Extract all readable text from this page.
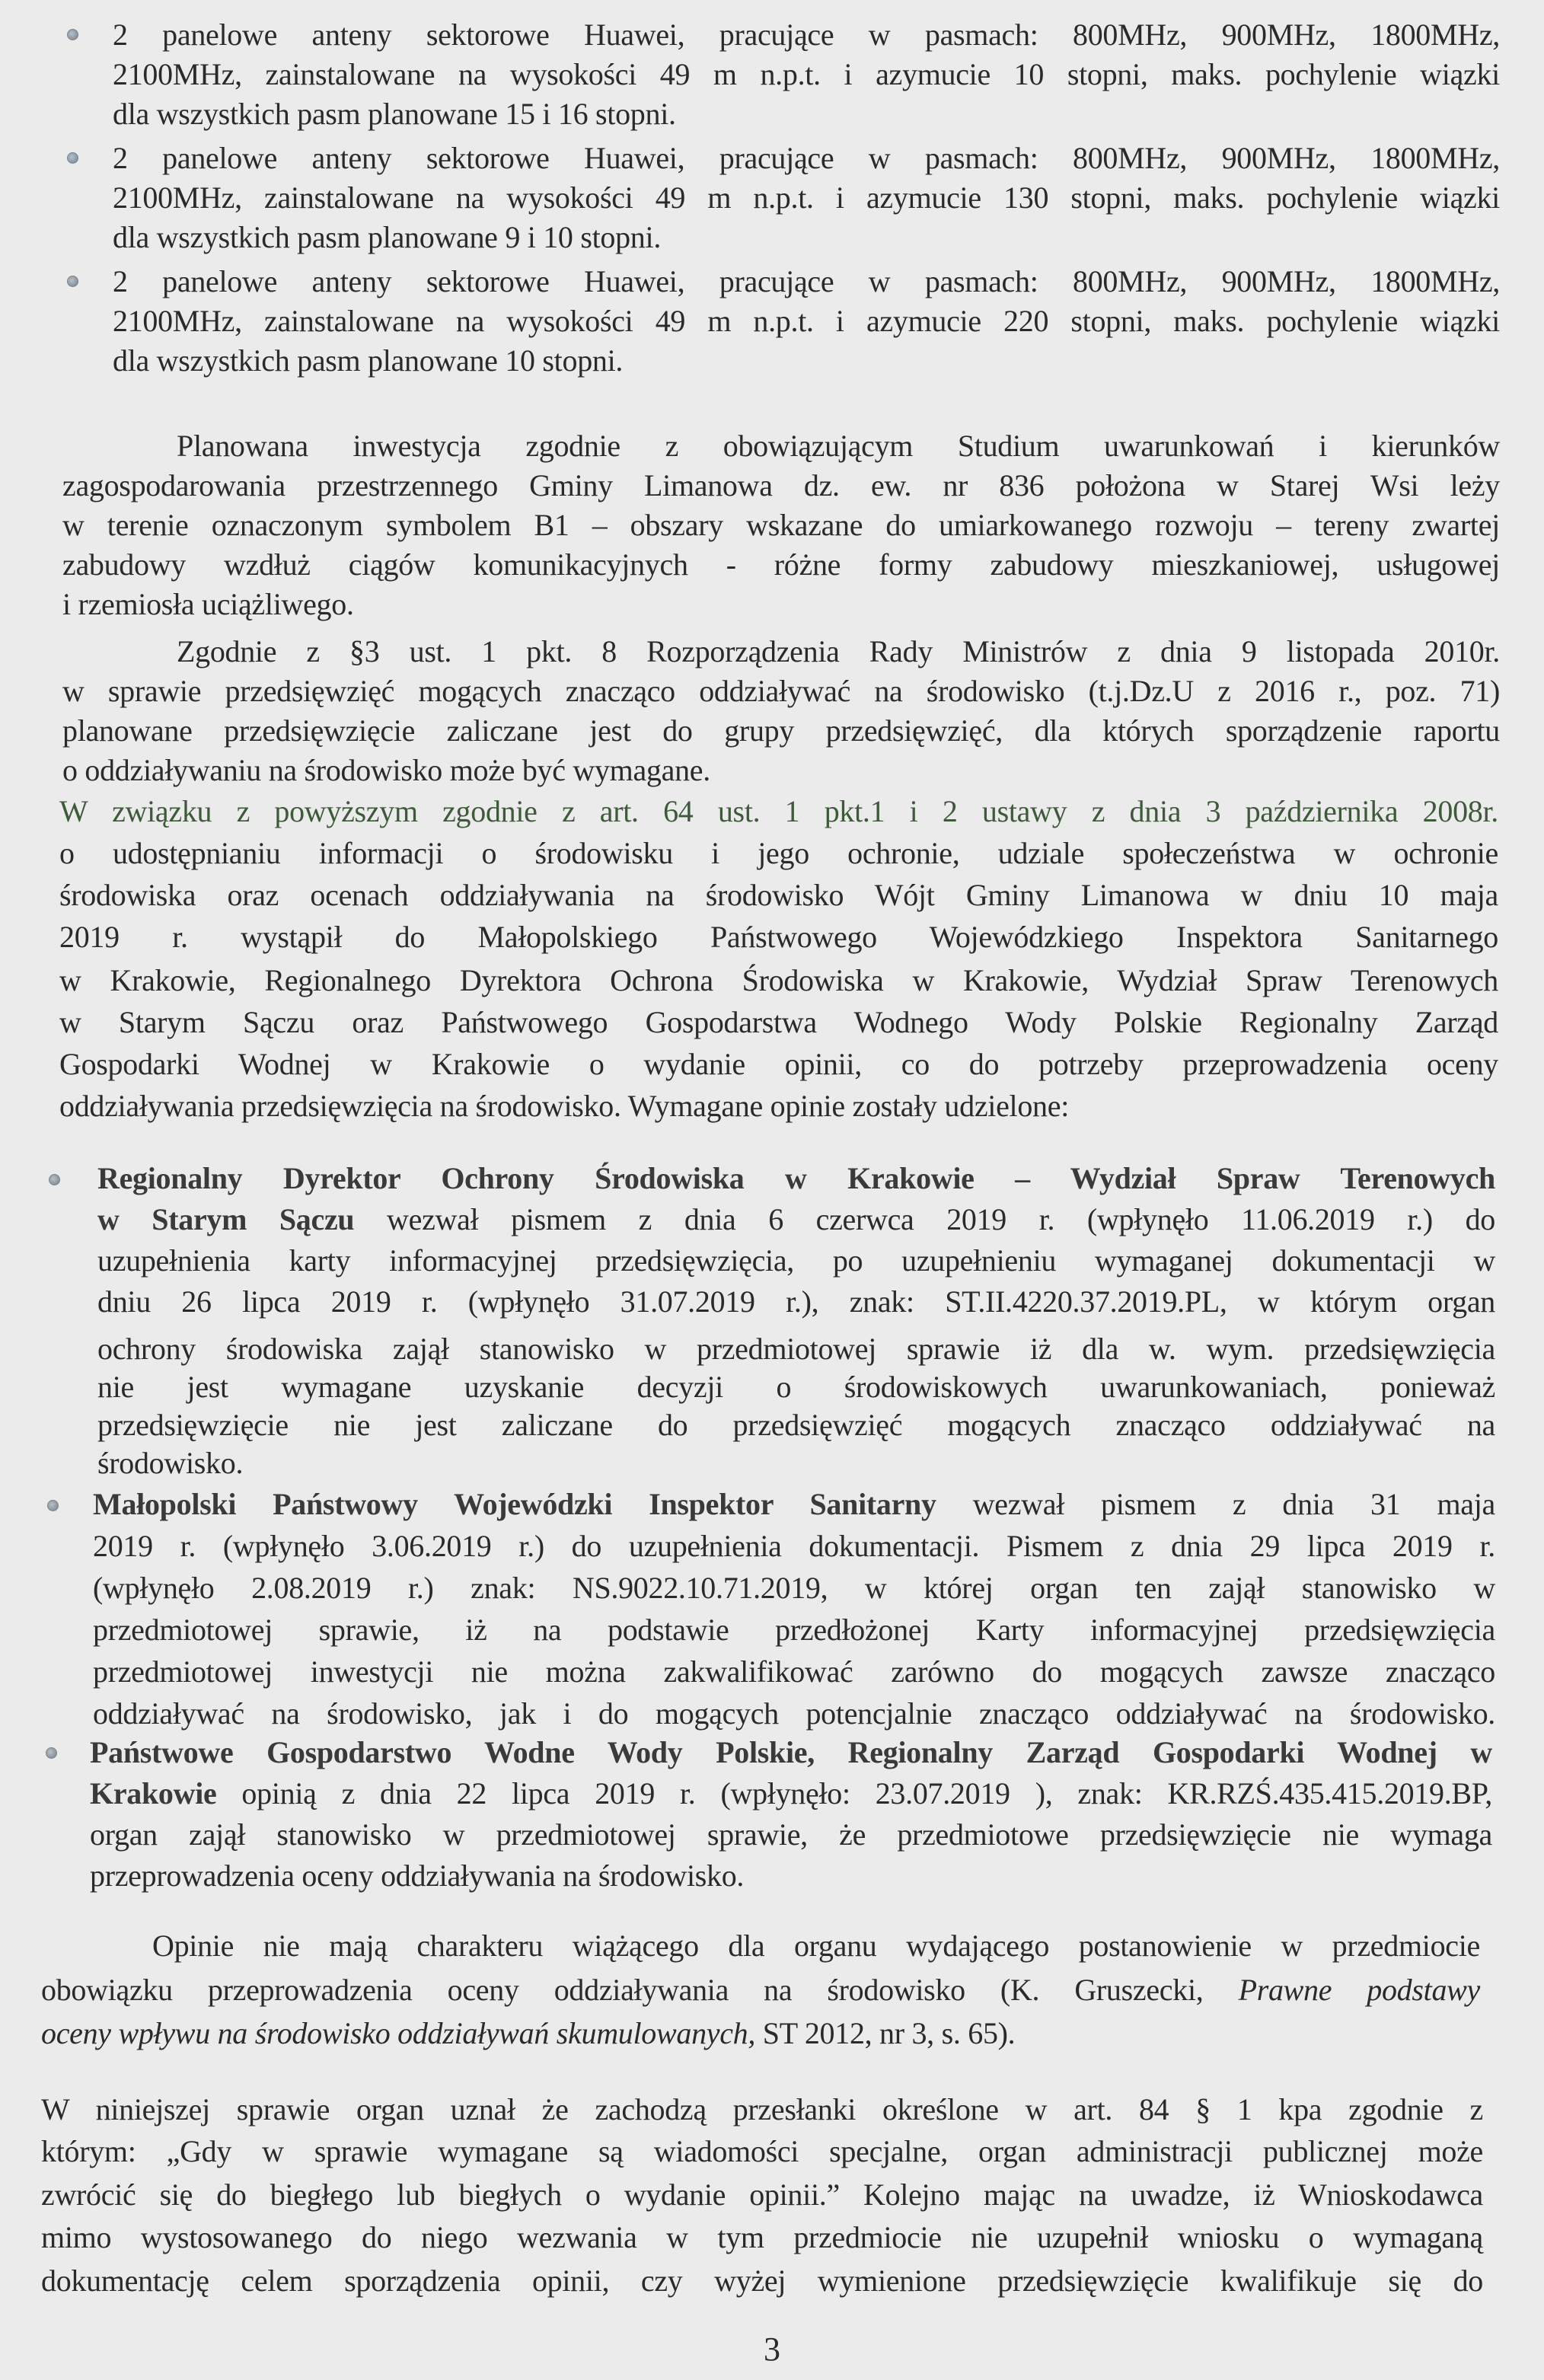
2 panelowe anteny sektorowe Huawei, pracujące w pasmach: 800MHz, 900MHz, 1800MHz,
2100MHz, zainstalowane na wysokości 49 m n.p.t. i azymucie 10 stopni, maks. pochylenie wiązki
dla wszystkich pasm planowane 15 i 16 stopni.
2 panelowe anteny sektorowe Huawei, pracujące w pasmach: 800MHz, 900MHz, 1800MHz,
2100MHz, zainstalowane na wysokości 49 m n.p.t. i azymucie 130 stopni, maks. pochylenie wiązki
dla wszystkich pasm planowane 9 i 10 stopni.
2 panelowe anteny sektorowe Huawei, pracujące w pasmach: 800MHz, 900MHz, 1800MHz,
2100MHz, zainstalowane na wysokości 49 m n.p.t. i azymucie 220 stopni, maks. pochylenie wiązki
dla wszystkich pasm planowane 10 stopni.
Planowana inwestycja zgodnie z obowiązującym Studium uwarunkowań i kierunków
zagospodarowania przestrzennego Gminy Limanowa dz. ew. nr 836 położona w Starej Wsi leży
w terenie oznaczonym symbolem B1 – obszary wskazane do umiarkowanego rozwoju – tereny zwartej
zabudowy wzdłuż ciągów komunikacyjnych - różne formy zabudowy mieszkaniowej, usługowej
i rzemiosła uciążliwego.
Zgodnie z §3 ust. 1 pkt. 8 Rozporządzenia Rady Ministrów z dnia 9 listopada 2010r.
w sprawie przedsięwzięć mogących znacząco oddziaływać na środowisko (t.j.Dz.U z 2016 r., poz. 71)
planowane przedsięwzięcie zaliczane jest do grupy przedsięwzięć, dla których sporządzenie raportu
o oddziaływaniu na środowisko może być wymagane.
W związku z powyższym zgodnie z art. 64 ust. 1 pkt.1 i 2 ustawy z dnia 3 października 2008r.
o udostępnianiu informacji o środowisku i jego ochronie, udziale społeczeństwa w ochronie
środowiska oraz ocenach oddziaływania na środowisko Wójt Gminy Limanowa w dniu 10 maja
2019 r. wystąpił do Małopolskiego Państwowego Wojewódzkiego Inspektora Sanitarnego
w Krakowie, Regionalnego Dyrektora Ochrona Środowiska w Krakowie, Wydział Spraw Terenowych
w Starym Sączu oraz Państwowego Gospodarstwa Wodnego Wody Polskie Regionalny Zarząd
Gospodarki Wodnej w Krakowie o wydanie opinii, co do potrzeby przeprowadzenia oceny
oddziaływania przedsięwzięcia na środowisko. Wymagane opinie zostały udzielone:
Regionalny Dyrektor Ochrony Środowiska w Krakowie – Wydział Spraw Terenowych
w Starym Sączu wezwał pismem z dnia 6 czerwca 2019 r. (wpłynęło 11.06.2019 r.) do
uzupełnienia karty informacyjnej przedsięwzięcia, po uzupełnieniu wymaganej dokumentacji w
dniu 26 lipca 2019 r. (wpłynęło 31.07.2019 r.), znak: ST.II.4220.37.2019.PL, w którym organ
ochrony środowiska zajął stanowisko w przedmiotowej sprawie iż dla w. wym. przedsięwzięcia
nie jest wymagane uzyskanie decyzji o środowiskowych uwarunkowaniach, ponieważ
przedsięwzięcie nie jest zaliczane do przedsięwzięć mogących znacząco oddziaływać na
środowisko.
Małopolski Państwowy Wojewódzki Inspektor Sanitarny wezwał pismem z dnia 31 maja
2019 r. (wpłynęło 3.06.2019 r.) do uzupełnienia dokumentacji. Pismem z dnia 29 lipca 2019 r.
(wpłynęło 2.08.2019 r.) znak: NS.9022.10.71.2019, w której organ ten zajął stanowisko w
przedmiotowej sprawie, iż na podstawie przedłożonej Karty informacyjnej przedsięwzięcia
przedmiotowej inwestycji nie można zakwalifikować zarówno do mogących zawsze znacząco
oddziaływać na środowisko, jak i do mogących potencjalnie znacząco oddziaływać na środowisko.
Państwowe Gospodarstwo Wodne Wody Polskie, Regionalny Zarząd Gospodarki Wodnej w
Krakowie opinią z dnia 22 lipca 2019 r. (wpłynęło: 23.07.2019 ), znak: KR.RZŚ.435.415.2019.BP,
organ zajął stanowisko w przedmiotowej sprawie, że przedmiotowe przedsięwzięcie nie wymaga
przeprowadzenia oceny oddziaływania na środowisko.
Opinie nie mają charakteru wiążącego dla organu wydającego postanowienie w przedmiocie
obowiązku przeprowadzenia oceny oddziaływania na środowisko (K. Gruszecki, Prawne podstawy
oceny wpływu na środowisko oddziaływań skumulowanych, ST 2012, nr 3, s. 65).
W niniejszej sprawie organ uznał że zachodzą przesłanki określone w art. 84 § 1 kpa zgodnie z
którym: „Gdy w sprawie wymagane są wiadomości specjalne, organ administracji publicznej może
zwrócić się do biegłego lub biegłych o wydanie opinii.” Kolejno mając na uwadze, iż Wnioskodawca
mimo wystosowanego do niego wezwania w tym przedmiocie nie uzupełnił wniosku o wymaganą
dokumentację celem sporządzenia opinii, czy wyżej wymienione przedsięwzięcie kwalifikuje się do
3
